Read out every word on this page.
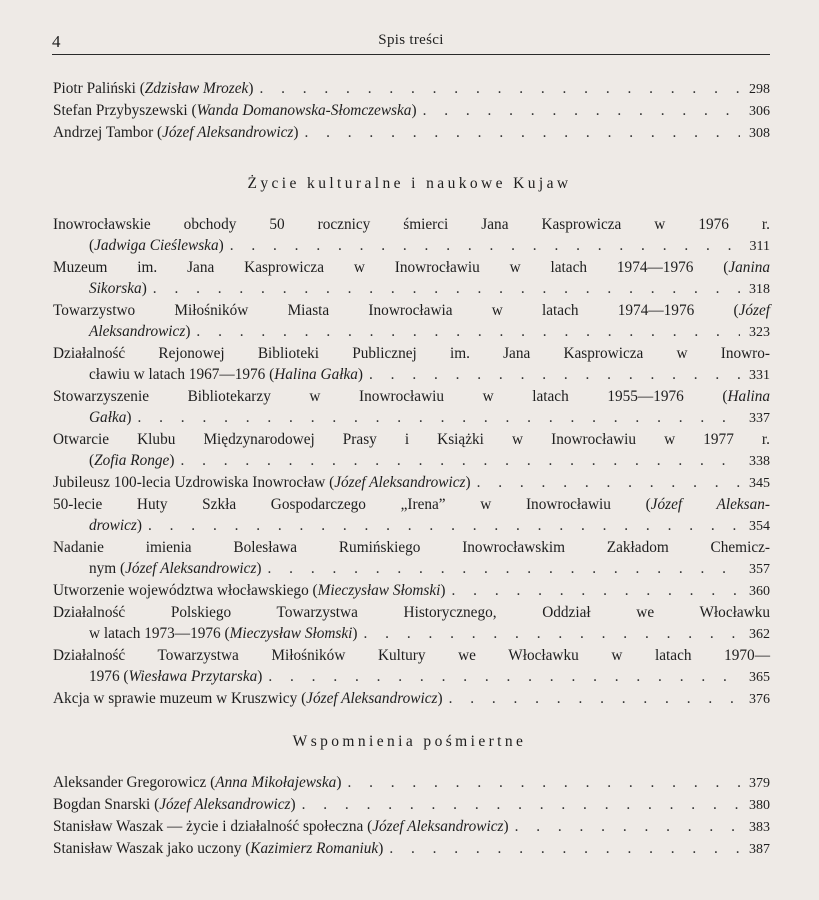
4	Spis treści
Piotr Paliński (Zdzisław Mrozek) . . .	298
Stefan Przybyszewski (Wanda Domanowska-Słomczewska) . . .	306
Andrzej Tambor (Józef Aleksandrowicz) . . .	308
Życie kulturalne i naukowe Kujaw
Inowrocławskie obchody 50 rocznicy śmierci Jana Kasprowicza w 1976 r.
(Jadwiga Cieślewska) . . .	311
Muzeum im. Jana Kasprowicza w Inowrocławiu w latach 1974—1976 (Janina
Sikorska) . . .	318
Towarzystwo Miłośników Miasta Inowrocławia w latach 1974—1976 (Józef
Aleksandrowicz) . . .	323
Działalność Rejonowej Biblioteki Publicznej im. Jana Kasprowicza w Inowro-
cławiu w latach 1967—1976 (Halina Gałka) . . .	331
Stowarzyszenie Bibliotekarzy w Inowrocławiu w latach 1955—1976 (Halina
Gałka) . . .	337
Otwarcie Klubu Międzynarodowej Prasy i Książki w Inowrocławiu w 1977 r.
(Zofia Ronge) . . .	338
Jubileusz 100-lecia Uzdrowiska Inowrocław (Józef Aleksandrowicz) . . .	345
50-lecie Huty Szkła Gospodarczego „Irena” w Inowrocławiu (Józef Aleksan-
drowicz) . . .	354
Nadanie imienia Bolesława Rumińskiego Inowrocławskim Zakładom Chemicz-
nym (Józef Aleksandrowicz) . . .	357
Utworzenie województwa włocławskiego (Mieczysław Słomski) . . .	360
Działalność Polskiego Towarzystwa Historycznego, Oddział we Włocławku
w latach 1973—1976 (Mieczysław Słomski) . . .	362
Działalność Towarzystwa Miłośników Kultury we Włocławku w latach 1970—
1976 (Wiesława Przytarska) . . .	365
Akcja w sprawie muzeum w Kruszwicy (Józef Aleksandrowicz) . . .	376
Wspomnienia pośmiertne
Aleksander Gregorowicz (Anna Mikołajewska) . . .	379
Bogdan Snarski (Józef Aleksandrowicz) . . .	380
Stanisław Waszak — życie i działalność społeczna (Józef Aleksandrowicz) . . .	383
Stanisław Waszak jako uczony (Kazimierz Romaniuk) . . .	387
